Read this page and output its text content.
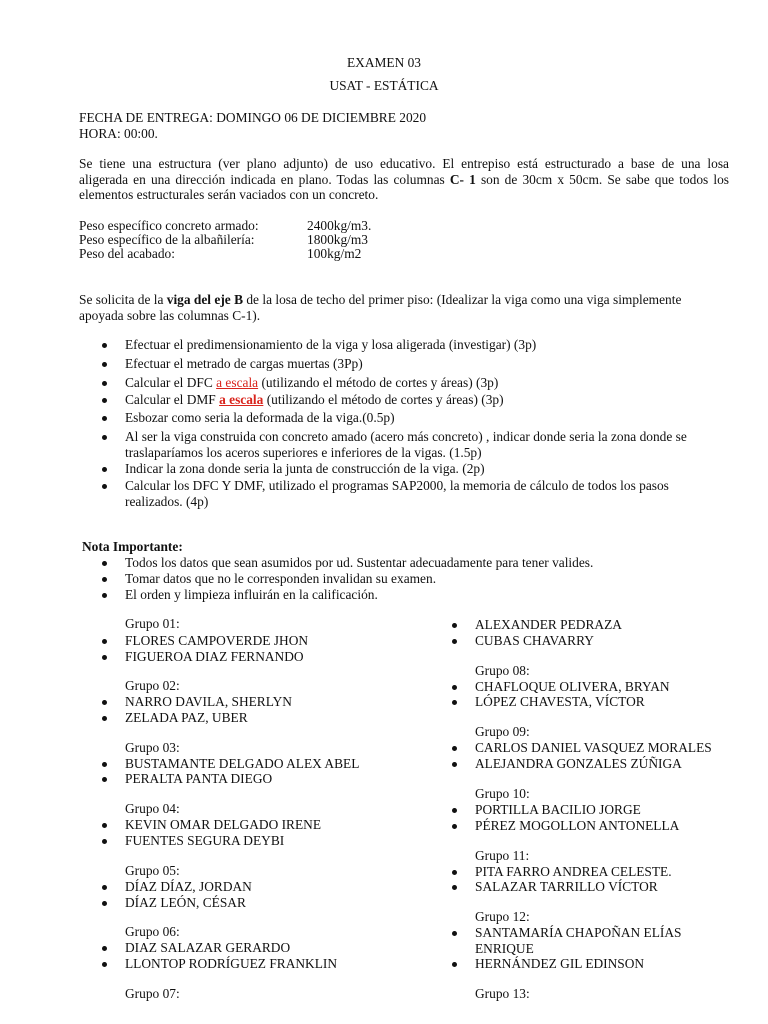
EXAMEN 03
USAT - ESTÁTICA
FECHA DE ENTREGA: DOMINGO 06 DE DICIEMBRE 2020
HORA: 00:00.
Se tiene una estructura (ver plano adjunto) de uso educativo. El entrepiso está estructurado a base de una losa
aligerada en una dirección indicada en plano. Todas las columnas C- 1 son de 30cm x 50cm. Se sabe que todos los
elementos estructurales serán vaciados con un concreto.
Peso específico concreto armado:	2400kg/m3.
Peso específico de la albañilería:	1800kg/m3
Peso del acabado:	100kg/m2
Se solicita de la viga del eje B de la losa de techo del primer piso: (Idealizar la viga como una viga simplemente
apoyada sobre las columnas C-1).
Efectuar el predimensionamiento de la viga y losa aligerada (investigar) (3p)
Efectuar el metrado de cargas muertas (3Pp)
Calcular el DFC a escala (utilizando el método de cortes y áreas) (3p)
Calcular el DMF a escala (utilizando el método de cortes y áreas) (3p)
Esbozar como seria la deformada de la viga.(0.5p)
Al ser la viga construida con concreto amado (acero más concreto) , indicar donde seria la zona donde se
traslaparíamos los aceros superiores e inferiores de la vigas. (1.5p)
Indicar la zona donde seria la junta de construcción de la viga. (2p)
Calcular los DFC Y DMF, utilizado el programas SAP2000, la memoria de cálculo de todos los pasos
realizados. (4p)
Nota Importante:
Todos los datos que sean asumidos por ud. Sustentar adecuadamente para tener valides.
Tomar datos que no le corresponden invalidan su examen.
El orden y limpieza influirán en la calificación.
Grupo 01:
FLORES CAMPOVERDE JHON
FIGUEROA DIAZ FERNANDO
Grupo 02:
NARRO DAVILA, SHERLYN
ZELADA PAZ, UBER
Grupo 03:
BUSTAMANTE DELGADO ALEX ABEL
PERALTA PANTA DIEGO
Grupo 04:
KEVIN OMAR DELGADO IRENE
FUENTES SEGURA DEYBI
Grupo 05:
DÍAZ DÍAZ, JORDAN
DÍAZ LEÓN, CÉSAR
Grupo 06:
DIAZ SALAZAR GERARDO
LLONTOP RODRÍGUEZ FRANKLIN
Grupo 07:
ALEXANDER PEDRAZA
CUBAS CHAVARRY
Grupo 08:
CHAFLOQUE OLIVERA, BRYAN
LÓPEZ CHAVESTA, VÍCTOR
Grupo 09:
CARLOS DANIEL VASQUEZ MORALES
ALEJANDRA GONZALES ZÚÑIGA
Grupo 10:
PORTILLA BACILIO JORGE
PÉREZ MOGOLLON ANTONELLA
Grupo 11:
PITA FARRO ANDREA CELESTE.
SALAZAR TARRILLO VÍCTOR
Grupo 12:
SANTAMARÍA CHAPOÑAN ELÍAS
ENRIQUE
HERNÁNDEZ GIL EDINSON
Grupo 13:
